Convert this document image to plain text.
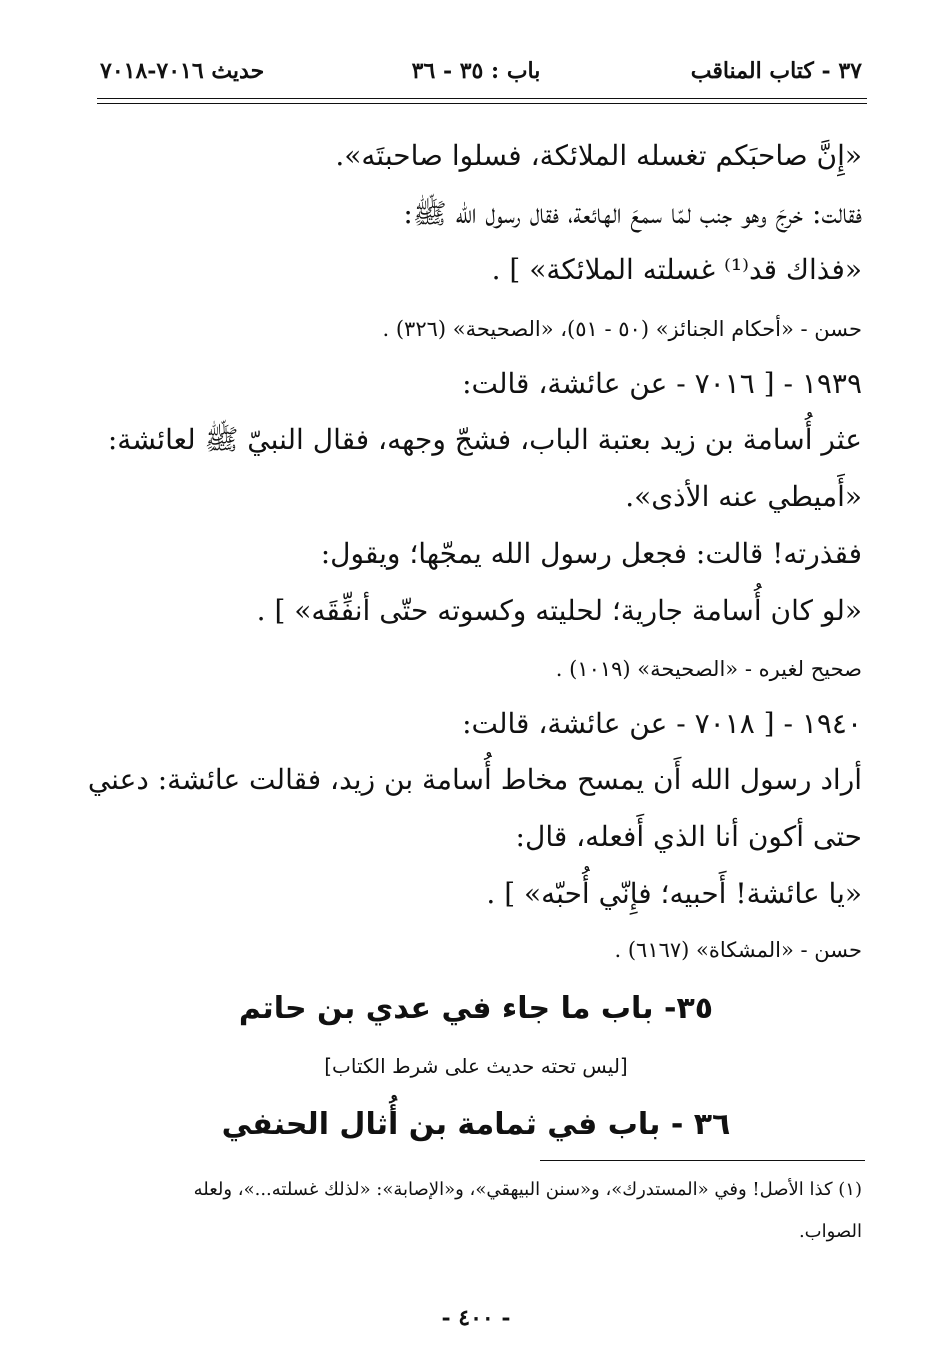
٣٧ - كتاب المناقب
باب : ٣٥ - ٣٦
حديث ٧٠١٦-٧٠١٨
«إِنَّ صاحبَكم تغسله الملائكة، فسلوا صاحبتَه».
فقالت: خرجَ وهو جنب لمّا سمعَ الهائعة، فقال رسول الله ﷺ:
«فذاك قد⁽¹⁾ غسلته الملائكة» ] .
حسن - «أحكام الجنائز» (٥٠ - ٥١)، «الصحيحة» (٣٢٦) .
١٩٣٩ - [ ٧٠١٦ - عن عائشة، قالت:
عثر أُسامة بن زيد بعتبة الباب، فشجّ وجهه، فقال النبيّ ﷺ لعائشة:
«أَميطي عنه الأذى».
فقذرته! قالت: فجعل رسول الله يمجّها؛ ويقول:
«لو كان أُسامة جارية؛ لحليته وكسوته حتّى أنفِّقَه» ] .
صحيح لغيره - «الصحيحة» (١٠١٩) .
١٩٤٠ - [ ٧٠١٨ - عن عائشة، قالت:
أراد رسول الله أَن يمسح مخاط أُسامة بن زيد، فقالت عائشة: دعني
حتى أكون أنا الذي أَفعله، قال:
«يا عائشة! أَحبيه؛ فإِنّي أُحبّه» ] .
حسن - «المشكاة» (٦١٦٧) .
٣٥- باب ما جاء في عدي بن حاتم
[ليس تحته حديث على شرط الكتاب]
٣٦ - باب في ثمامة بن أُثال الحنفي
(١) كذا الأصل! وفي «المستدرك»، و«سنن البيهقي»، و«الإصابة»: «لذلك غسلته...»، ولعله
الصواب.
- ٤٠٠ -
